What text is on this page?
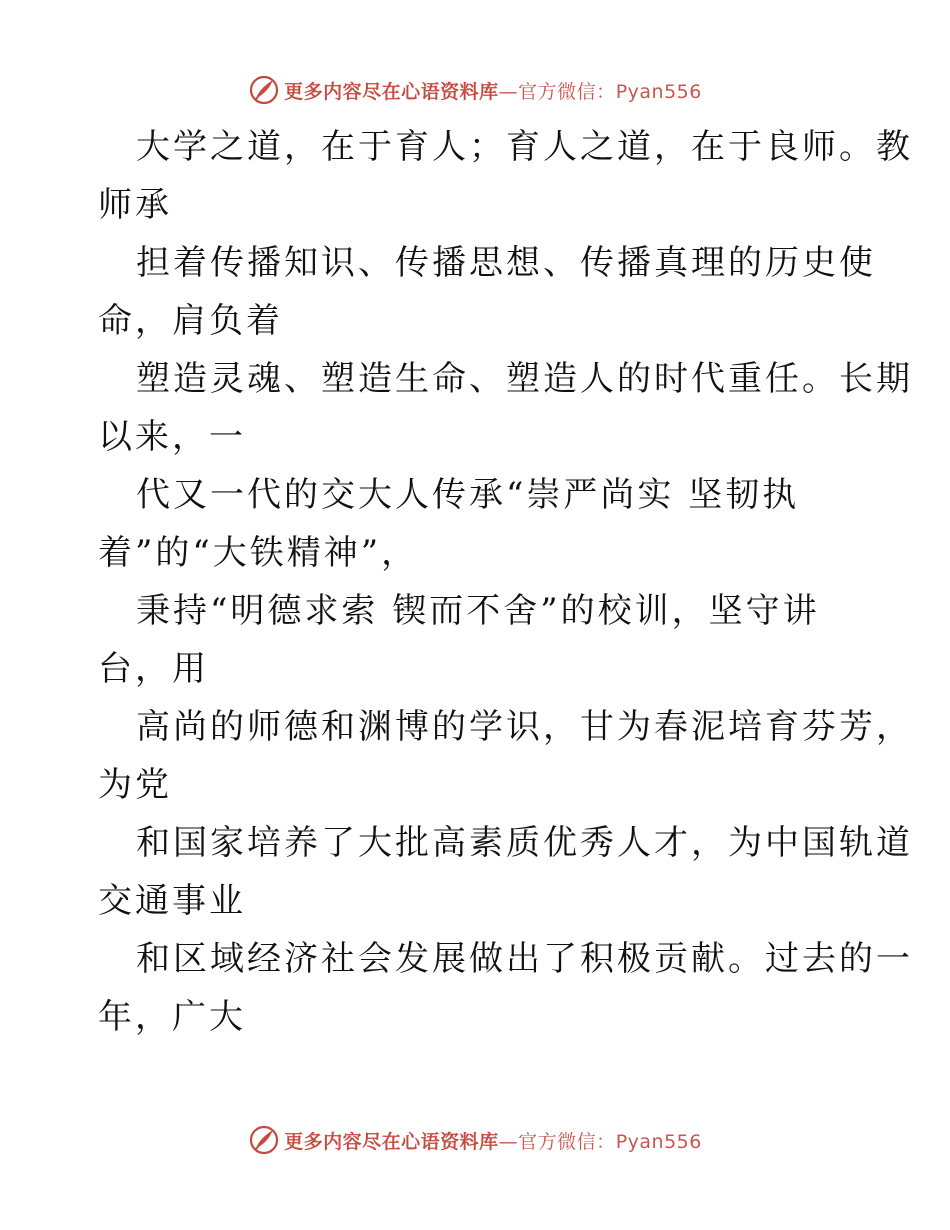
更多内容尽在心语资料库—官方微信：Pyan556
大学之道，在于育人；育人之道，在于良师。教
师承
担着传播知识、传播思想、传播真理的历史使
命，肩负着
塑造灵魂、塑造生命、塑造人的时代重任。长期
以来，一
代又一代的交大人传承“崇严尚实 坚韧执
着”的“大铁精神”，
秉持“明德求索 锲而不舍”的校训，坚守讲
台，用
高尚的师德和渊博的学识，甘为春泥培育芬芳，
为党
和国家培养了大批高素质优秀人才，为中国轨道
交通事业
和区域经济社会发展做出了积极贡献。过去的一
年，广大
更多内容尽在心语资料库—官方微信：Pyan556
